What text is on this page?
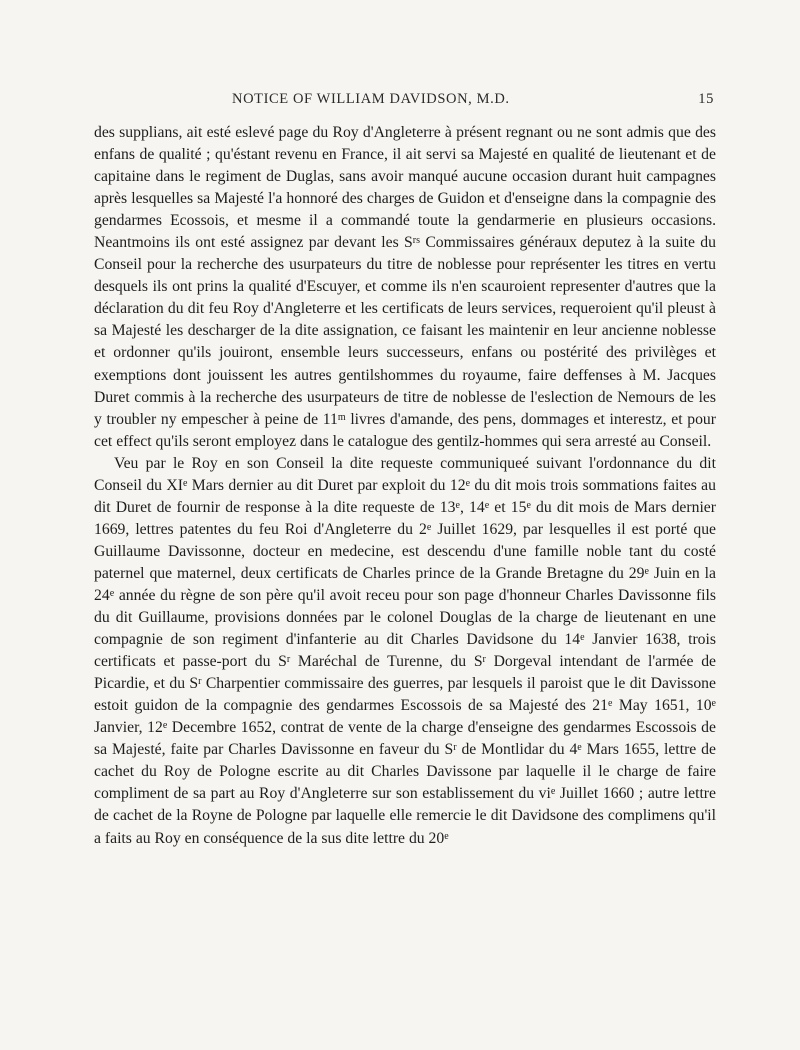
NOTICE OF WILLIAM DAVIDSON, M.D.	15

des supplians, ait esté eslevé page du Roy d'Angleterre à présent regnant ou ne sont admis que des enfans de qualité ; qu'éstant revenu en France, il ait servi sa Majesté en qualité de lieutenant et de capitaine dans le regiment de Duglas, sans avoir manqué aucune occasion durant huit campagnes après lesquelles sa Majesté l'a honnoré des charges de Guidon et d'enseigne dans la compagnie des gendarmes Ecossois, et mesme il a commandé toute la gendarmerie en plusieurs occasions. Neantmoins ils ont esté assignez par devant les $S^{rs}$ Commissaires généraux deputez à la suite du Conseil pour la recherche des usurpateurs du titre de noblesse pour représenter les titres en vertu desquels ils ont prins la qualité d'Escuyer, et comme ils n'en scauroient representer d'autres que la déclaration du dit feu Roy d'Angleterre et les certificats de leurs services, requeroient qu'il pleust à sa Majesté les descharger de la dite assignation, ce faisant les maintenir en leur ancienne noblesse et ordonner qu'ils jouiront, ensemble leurs successeurs, enfans ou postérité des privilèges et exemptions dont jouissent les autres gentilshommes du royaume, faire deffenses à M. Jacques Duret commis à la recherche des usurpateurs de titre de noblesse de l'eslection de Nemours de les y troubler ny empescher à peine de 11$^m$ livres d'amande, des pens, dommages et interestz, et pour cet effect qu'ils seront employez dans le catalogue des gentilz-hommes qui sera arresté au Conseil.

Veu par le Roy en son Conseil la dite requeste communiqueé suivant l'ordonnance du dit Conseil du XIe Mars dernier au dit Duret par exploit du 12e du dit mois trois sommations faites au dit Duret de fournir de response à la dite requeste de 13e, 14e et 15e du dit mois de Mars dernier 1669, lettres patentes du feu Roi d'Angleterre du 2e Juillet 1629, par lesquelles il est porté que Guillaume Davissonne, docteur en medecine, est descendu d'une famille noble tant du costé paternel que maternel, deux certificats de Charles prince de la Grande Bretagne du 29e Juin en la 24e année du règne de son père qu'il avoit receu pour son page d'honneur Charles Davissonne fils du dit Guillaume, provisions données par le colonel Douglas de la charge de lieutenant en une compagnie de son regiment d'infanterie au dit Charles Davidsone du 14e Janvier 1638, trois certificats et passe-port du $S^r$ Maréchal de Turenne, du $S^r$ Dorgeval intendant de l'armée de Picardie, et du $S^r$ Charpentier commissaire des guerres, par lesquels il paroist que le dit Davissone estoit guidon de la compagnie des gendarmes Escossois de sa Majesté des 21e May 1651, 10e Janvier, 12e Decembre 1652, contrat de vente de la charge d'enseigne des gendarmes Escossois de sa Majesté, faite par Charles Davissonne en faveur du $S^r$ de Montlidar du 4e Mars 1655, lettre de cachet du Roy de Pologne escrite au dit Charles Davissone par laquelle il le charge de faire compliment de sa part au Roy d'Angleterre sur son establissement du $vi^e$ Juillet 1660 ; autre lettre de cachet de la Royne de Pologne par laquelle elle remercie le dit Davidsone des complimens qu'il a faits au Roy en conséquence de la sus dite lettre du 20e
